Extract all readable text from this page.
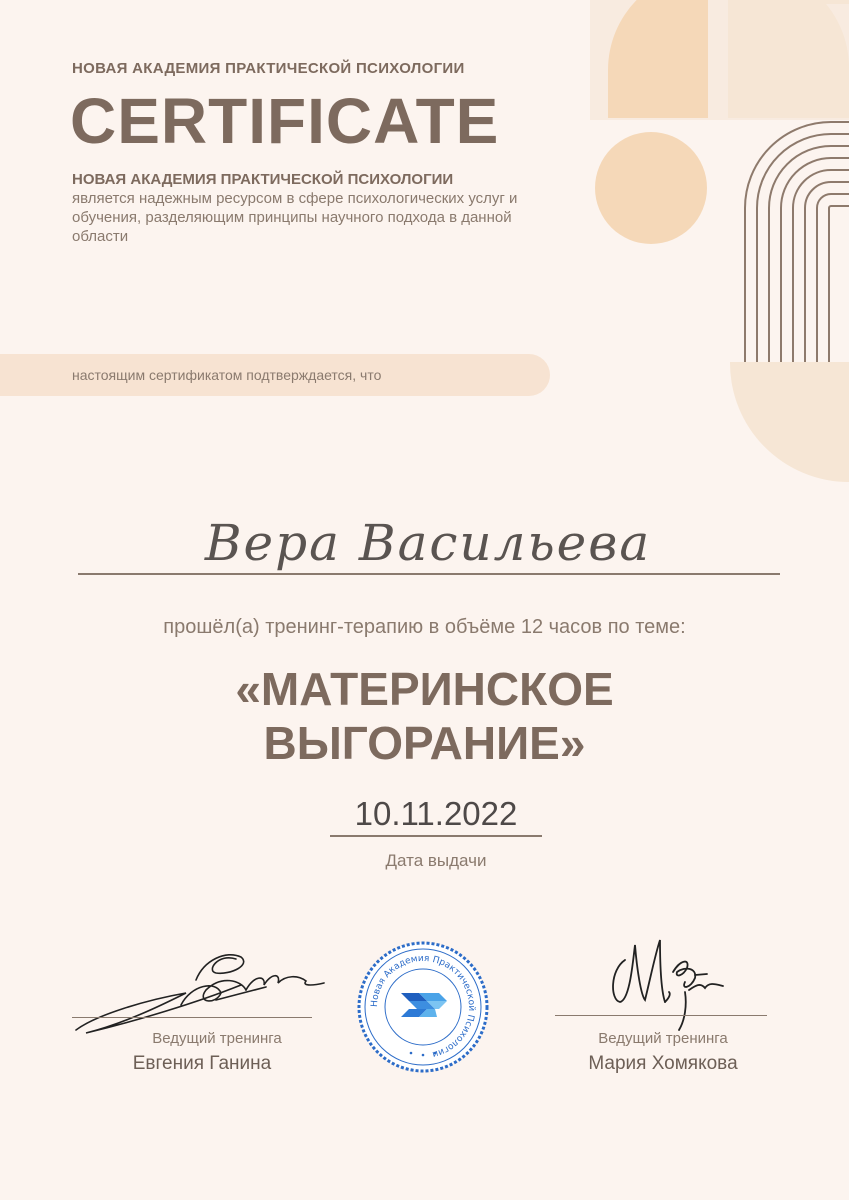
НОВАЯ АКАДЕМИЯ ПРАКТИЧЕСКОЙ ПСИХОЛОГИИ
CERTIFICATE
НОВАЯ АКАДЕМИЯ ПРАКТИЧЕСКОЙ ПСИХОЛОГИИ
является надежным ресурсом в сфере психологических услуг и обучения, разделяющим принципы научного подхода в данной области
настоящим сертификатом подтверждается, что
Вера Васильева
прошёл(а) тренинг-терапию в объёме 12 часов по теме:
«МАТЕРИНСКОЕ ВЫГОРАНИЕ»
10.11.2022
Дата выдачи
Ведущий тренинга
Евгения Ганина
Новая Академия Практической Психологи
Ведущий тренинга
Мария Хомякова
